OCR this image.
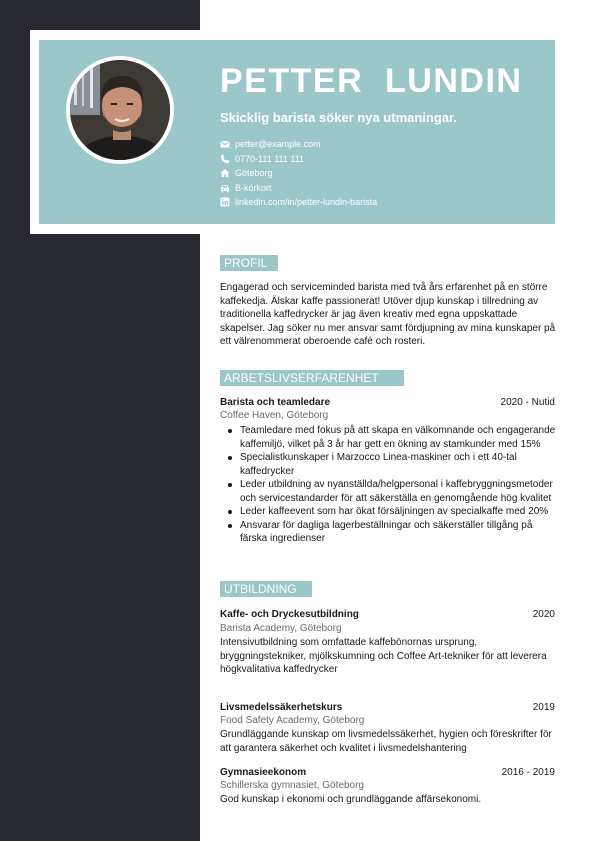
PETTER  LUNDIN
Skicklig barista söker nya utmaningar.
petter@example.com
0770-111 111 111
Göteborg
B-körkort
linkedin.com/in/petter-lundin-barista
PROFIL
Engagerad och serviceminded barista med två års erfarenhet på en större kaffekedja. Älskar kaffe passionerat! Utöver djup kunskap i tillredning av traditionella kaffedrycker är jag även kreativ med egna uppskattade skapelser. Jag söker nu mer ansvar samt fördjupning av mina kunskaper på ett välrenommerat oberoende café och rosteri.
ARBETSLIVSERFARENHET
Barista och teamledare	2020 - Nutid
Coffee Haven, Göteborg
Teamledare med fokus på att skapa en välkomnande och engagerande kaffemiljö, vilket på 3 år har gett en ökning av stamkunder med 15%
Specialistkunskaper i Marzocco Linea-maskiner och i ett 40-tal kaffedrycker
Leder utbildning av nyanställda/helgpersonal i kaffebryggningsmetoder och servicestandarder för att säkerställa en genomgående hög kvalitet
Leder kaffeevent som har ökat försäljningen av specialkaffe med 20%
Ansvarar för dagliga lagerbeställningar och säkerställer tillgång på färska ingredienser
UTBILDNING
Kaffe- och Dryckesutbildning	2020
Barista Academy, Göteborg
Intensivutbildning som omfattade kaffebönornas ursprung, bryggningstekniker, mjölkskumning och Coffee Art-tekniker för att leverera högkvalitativa kaffedrycker
Livsmedelssäkerhetskurs	2019
Food Safety Academy, Göteborg
Grundläggande kunskap om livsmedelssäkerhet, hygien och föreskrifter för att garantera säkerhet och kvalitet i livsmedelshantering
Gymnasieekonom	2016 - 2019
Schillerska gymnasiet, Göteborg
God kunskap i ekonomi och grundläggande affärsekonomi.
